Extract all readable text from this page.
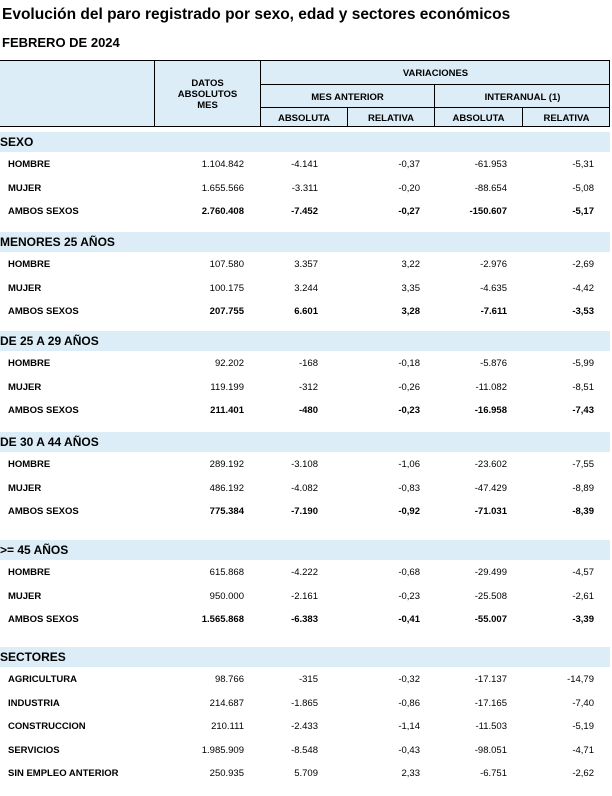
Evolución del paro registrado por sexo, edad y sectores económicos
FEBRERO DE 2024
DATOS
ABSOLUTOS
MES
VARIACIONES
MES ANTERIOR	INTERANUAL (1)
ABSOLUTA	RELATIVA	ABSOLUTA	RELATIVA
SEXO
HOMBRE	1.104.842	-4.141	-0,37	-61.953	-5,31
MUJER	1.655.566	-3.311	-0,20	-88.654	-5,08
AMBOS SEXOS	2.760.408	-7.452	-0,27	-150.607	-5,17
MENORES 25 AÑOS
HOMBRE	107.580	3.357	3,22	-2.976	-2,69
MUJER	100.175	3.244	3,35	-4.635	-4,42
AMBOS SEXOS	207.755	6.601	3,28	-7.611	-3,53
DE 25 A 29 AÑOS
HOMBRE	92.202	-168	-0,18	-5.876	-5,99
MUJER	119.199	-312	-0,26	-11.082	-8,51
AMBOS SEXOS	211.401	-480	-0,23	-16.958	-7,43
DE 30 A 44 AÑOS
HOMBRE	289.192	-3.108	-1,06	-23.602	-7,55
MUJER	486.192	-4.082	-0,83	-47.429	-8,89
AMBOS SEXOS	775.384	-7.190	-0,92	-71.031	-8,39
>= 45 AÑOS
HOMBRE	615.868	-4.222	-0,68	-29.499	-4,57
MUJER	950.000	-2.161	-0,23	-25.508	-2,61
AMBOS SEXOS	1.565.868	-6.383	-0,41	-55.007	-3,39
SECTORES
AGRICULTURA	98.766	-315	-0,32	-17.137	-14,79
INDUSTRIA	214.687	-1.865	-0,86	-17.165	-7,40
CONSTRUCCION	210.111	-2.433	-1,14	-11.503	-5,19
SERVICIOS	1.985.909	-8.548	-0,43	-98.051	-4,71
SIN EMPLEO ANTERIOR	250.935	5.709	2,33	-6.751	-2,62
